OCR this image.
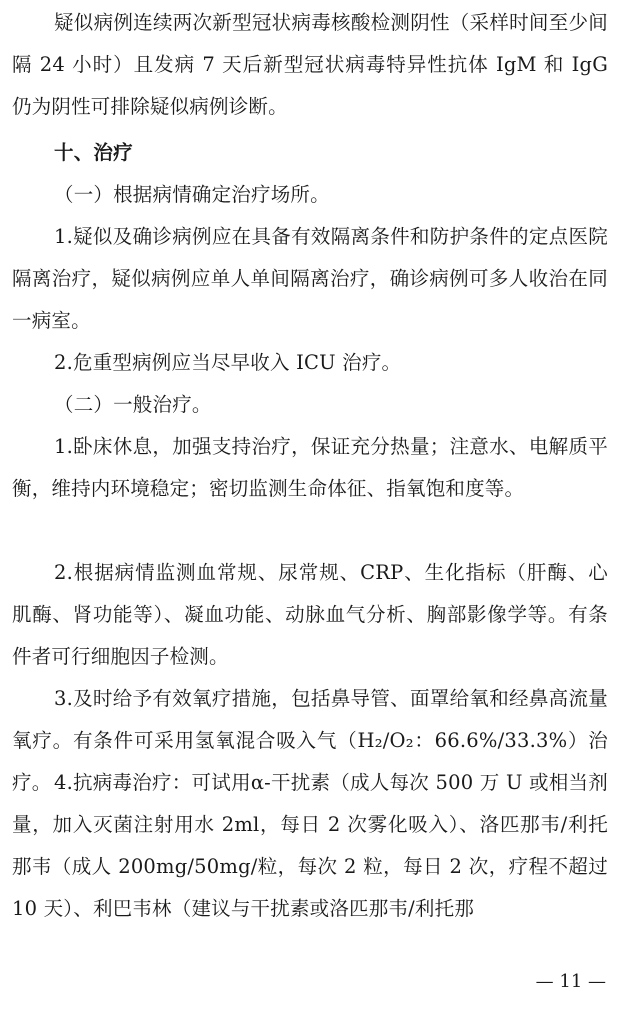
疑似病例连续两次新型冠状病毒核酸检测阴性（采样时间至少间隔 24 小时）且发病 7 天后新型冠状病毒特异性抗体 IgM 和 IgG 仍为阴性可排除疑似病例诊断。

十、治疗

（一）根据病情确定治疗场所。

1.疑似及确诊病例应在具备有效隔离条件和防护条件的定点医院隔离治疗，疑似病例应单人单间隔离治疗，确诊病例可多人收治在同一病室。

2.危重型病例应当尽早收入 ICU 治疗。

（二）一般治疗。

1.卧床休息，加强支持治疗，保证充分热量；注意水、电解质平衡，维持内环境稳定；密切监测生命体征、指氧饱和度等。

2.根据病情监测血常规、尿常规、CRP、生化指标（肝酶、心肌酶、肾功能等）、凝血功能、动脉血气分析、胸部影像学等。有条件者可行细胞因子检测。

3.及时给予有效氧疗措施，包括鼻导管、面罩给氧和经鼻高流量氧疗。有条件可采用氢氧混合吸入气（H₂/O₂：66.6%/33.3%）治疗。 4.抗病毒治疗：可试用α-干扰素（成人每次 500 万 U 或相当剂量，加入灭菌注射用水 2ml，每日 2 次雾化吸入）、洛匹那韦/利托那韦（成人 200mg/50mg/粒，每次 2 粒，每日 2 次，疗程不超过 10 天）、利巴韦林（建议与干扰素或洛匹那韦/利托那

— 11 —
